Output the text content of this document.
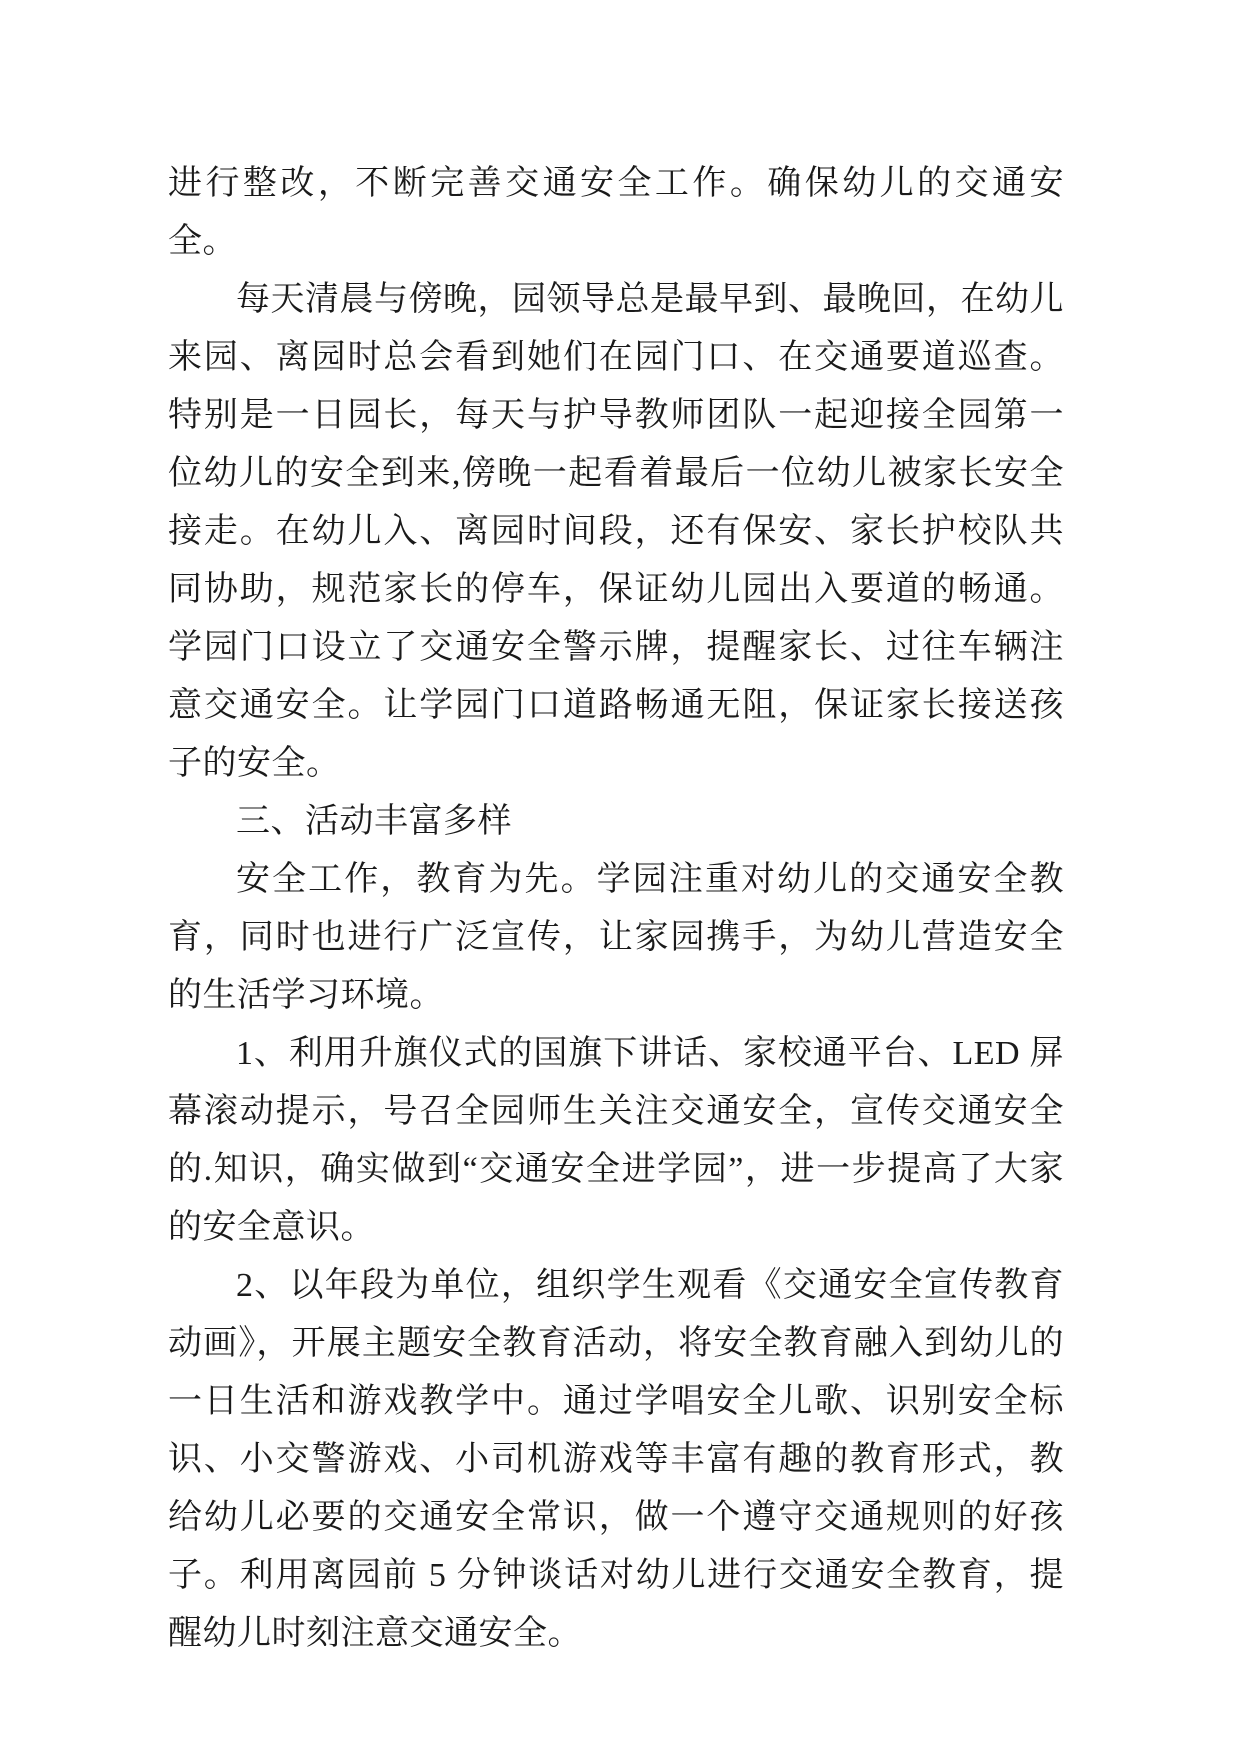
进行整改，不断完善交通安全工作。确保幼儿的交通安全。

每天清晨与傍晚，园领导总是最早到、最晚回，在幼儿来园、离园时总会看到她们在园门口、在交通要道巡查。特别是一日园长，每天与护导教师团队一起迎接全园第一位幼儿的安全到来,傍晚一起看着最后一位幼儿被家长安全接走。在幼儿入、离园时间段，还有保安、家长护校队共同协助，规范家长的停车，保证幼儿园出入要道的畅通。学园门口设立了交通安全警示牌，提醒家长、过往车辆注意交通安全。让学园门口道路畅通无阻，保证家长接送孩子的安全。

三、活动丰富多样

安全工作，教育为先。学园注重对幼儿的交通安全教育，同时也进行广泛宣传，让家园携手，为幼儿营造安全的生活学习环境。

1、利用升旗仪式的国旗下讲话、家校通平台、LED 屏幕滚动提示，号召全园师生关注交通安全，宣传交通安全的.知识，确实做到“交通安全进学园”，进一步提高了大家的安全意识。

2、以年段为单位，组织学生观看《交通安全宣传教育动画》，开展主题安全教育活动，将安全教育融入到幼儿的一日生活和游戏教学中。通过学唱安全儿歌、识别安全标识、小交警游戏、小司机游戏等丰富有趣的教育形式，教给幼儿必要的交通安全常识，做一个遵守交通规则的好孩子。利用离园前 5 分钟谈话对幼儿进行交通安全教育，提醒幼儿时刻注意交通安全。
